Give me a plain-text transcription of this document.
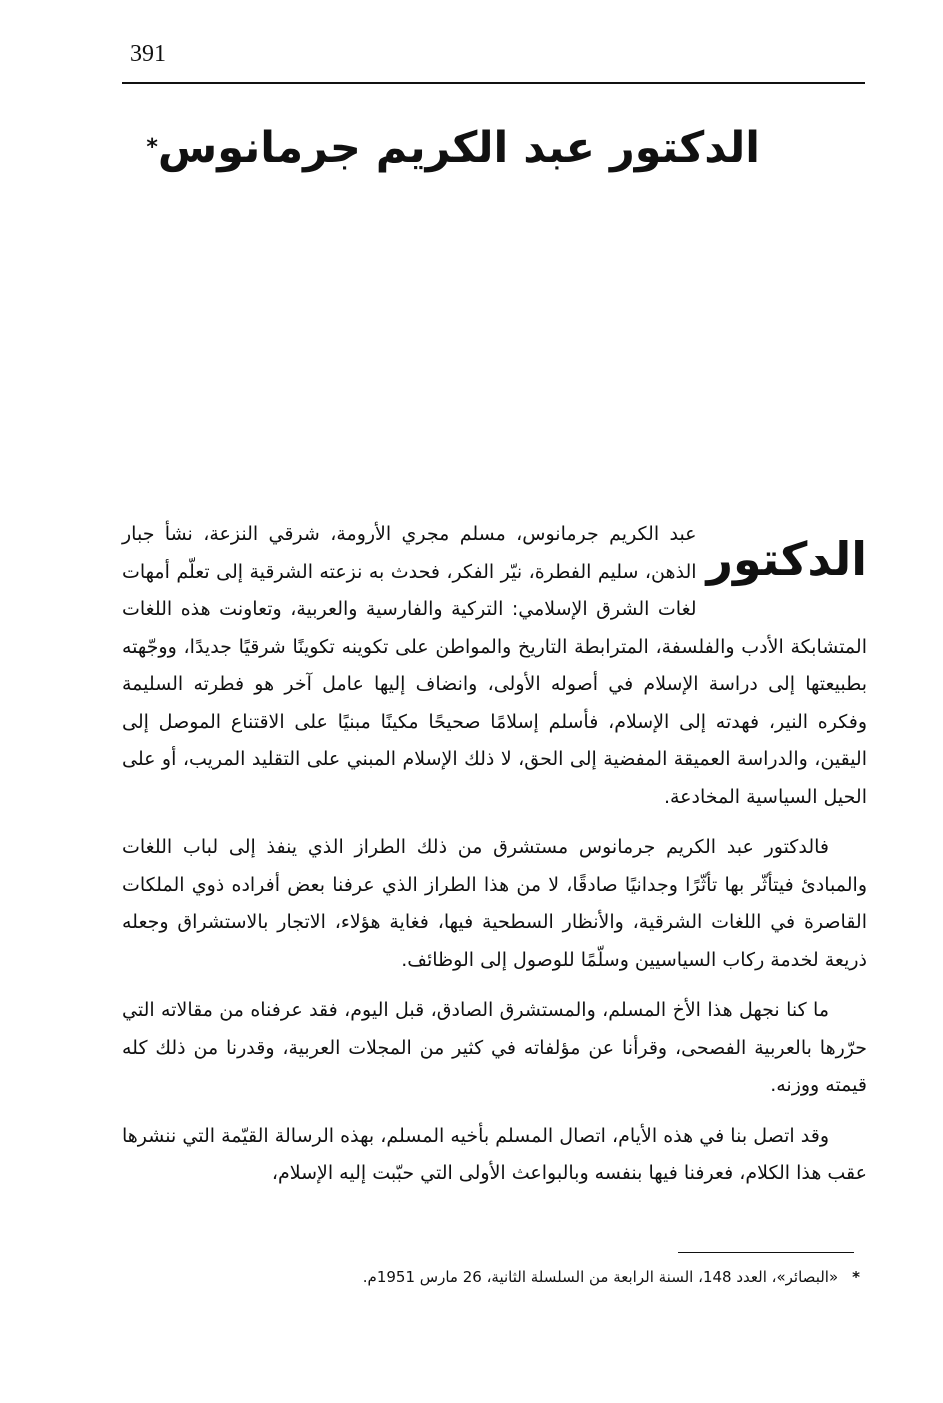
391
الدكتور عبد الكريم جرمانوس*

الدكتور
عبد الكريم جرمانوس، مسلم مجري الأرومة، شرقي النزعة، نشأ جبار الذهن، سليم الفطرة، نيّر الفكر، فحدث به نزعته الشرقية إلى تعلّم أمهات لغات الشرق الإسلامي: التركية والفارسية والعربية، وتعاونت هذه اللغات المتشابكة الأدب والفلسفة، المترابطة التاريخ والمواطن على تكوينه تكوينًا شرقيًا جديدًا، ووجّهته بطبيعتها إلى دراسة الإسلام في أصوله الأولى، وانضاف إليها عامل آخر هو فطرته السليمة وفكره النير، فهدته إلى الإسلام، فأسلم إسلامًا صحيحًا مكينًا مبنيًا على الاقتناع الموصل إلى اليقين، والدراسة العميقة المفضية إلى الحق، لا ذلك الإسلام المبني على التقليد المريب، أو على الحيل السياسية المخادعة.

فالدكتور عبد الكريم جرمانوس مستشرق من ذلك الطراز الذي ينفذ إلى لباب اللغات والمبادئ فيتأثّر بها تأثّرًا وجدانيًا صادقًا، لا من هذا الطراز الذي عرفنا بعض أفراده ذوي الملكات القاصرة في اللغات الشرقية، والأنظار السطحية فيها، فغاية هؤلاء، الاتجار بالاستشراق وجعله ذريعة لخدمة ركاب السياسيين وسلّمًا للوصول إلى الوظائف.

ما كنا نجهل هذا الأخ المسلم، والمستشرق الصادق، قبل اليوم، فقد عرفناه من مقالاته التي حرّرها بالعربية الفصحى، وقرأنا عن مؤلفاته في كثير من المجلات العربية، وقدرنا من ذلك كله قيمته ووزنه.

وقد اتصل بنا في هذه الأيام، اتصال المسلم بأخيه المسلم، بهذه الرسالة القيّمة التي ننشرها عقب هذا الكلام، فعرفنا فيها بنفسه وبالبواعث الأولى التي حبّبت إليه الإسلام،

*«البصائر»، العدد 148، السنة الرابعة من السلسلة الثانية، 26 مارس 1951م.
